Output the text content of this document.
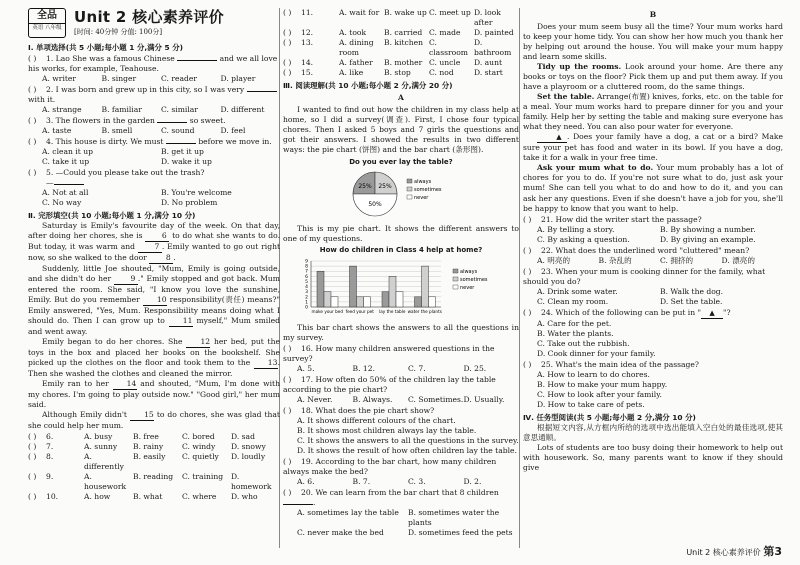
全品
英语 八年级
Unit 2 核心素养评价
[时间: 40分钟 分值: 100分]
Ⅰ. 单项选择(共 5 小题;每小题 1 分,满分 5 分)
( ) 1. Lao She was a famous Chinese	and we all love his works, for example, Teahouse.
A. writer	B. singer	C. reader	D. player
( ) 2. I was born and grew up in this city, so I was very  with it.
A. strange	B. familiar	C. similar	D. different
( ) 3. The flowers in the garden	so sweet.
A. taste	B. smell	C. sound	D. feel
( ) 4. This house is dirty. We must	before we move in.
A. clean it up	B. get it up
C. take it up	D. wake it up
( ) 5. —Could you please take out the trash?
—
A. Not at all	B. You're welcome
C. No way	D. No problem
Ⅱ. 完形填空(共 10 小题;每小题 1 分,满分 10 分)
Saturday is Emily's favourite day of the week. On that day, after doing her chores, she is	6 to do what she wants to do. But today, it was warm and	7 . Emily wanted to go out right now, so she walked to the door	8 .
Suddenly, little Joe shouted, "Mum, Emily is going outside, and she didn't do her	9 ." Emily stopped and got back. Mum entered the room. She said, "I know you love the sunshine, Emily. But do you remember 10 responsibility(责任) means?" Emily answered, "Yes, Mum. Responsibility means doing what I should do. Then I can grow up to 11 myself," Mum smiled and went away.
Emily began to do her chores. She 12 her bed, put the toys in the box and placed her books on the bookshelf. She picked up the clothes on the floor and took them to the 13. Then she washed the clothes and cleaned the mirror.
Emily ran to her 14 and shouted, "Mum, I'm done with my chores. I'm going to play outside now." "Good girl," her mum said.
Although Emily didn't 15 to do chores, she was glad that she could help her mum.
( ) 6.	A. busy	B. free	C. bored	D. sad
( ) 7.	A. sunny	B. rainy	C. windy	D. snowy
( ) 8.	A. differently
B. easily	C. quietly	D. loudly
( ) 9.	A. housework
B. reading	C. training	D. homework
( ) 10.	A. how	B. what	C. where	D. who
( ) 11.	A. wait for B. wake up C. meet up D. look after
( ) 12.	A. took	B. carried C. made	D. painted
( ) 13.	A. dining room
B. kitchen C. classroom
D. bathroom
( ) 14.	A. father	B. mother C. uncle	D. aunt
( ) 15.	A. like	B. stop	C. nod	D. start
Ⅲ. 阅读理解(共 10 小题;每小题 2 分,满分 20 分)
A
I wanted to find out how the children in my class help at home, so I did a survey(调查). First, I chose four typical chores. Then I asked 5 boys and 7 girls the questions and got their answers. I showed the results in two different ways: the pie chart (饼图) and the bar chart (条形图).
Do you ever lay the table?
25% 25%
50%
always
sometimes
never
This is my pie chart. It shows the different answers to one of my questions.
How do children in Class 4 help at home?
0
1
2
3
4
5
6
7
8
9
make your bed feed your pet lay the table water the plants
always
sometimes
never
This bar chart shows the answers to all the questions in my survey.
( ) 16. How many children answered questions in the survey?
A. 5.	B. 12.	C. 7.	D. 25.
( ) 17. How often do 50% of the children lay the table according to the pie chart?
A. Never.	B. Always.	C. Sometimes. D. Usually.
( ) 18. What does the pie chart show?
A. It shows different colours of the chart.
B. It shows most children always lay the table.
C. It shows the answers to all the questions in the survey.
D. It shows the result of how often children lay the table.
( ) 19. According to the bar chart, how many children always make the bed?
A. 6.	B. 7.	C. 3.	D. 2.
( ) 20. We can learn from the bar chart that 8 children .
A. sometimes lay the table	B. sometimes water the plants
C. never make the bed	D. sometimes feed the pets
B
Does your mum seem busy all the time? Your mum works hard to keep your home tidy. You can show her how much you thank her by helping out around the house. You will make your mum happy and learn some skills.
Tidy up the rooms. Look around your home. Are there any books or toys on the floor? Pick them up and put them away. If you have a playroom or a cluttered room, do the same things.
Set the table. Arrange(布置) knives, forks, etc. on the table for a meal. Your mum works hard to prepare dinner for you and your family. Help her by setting the table and making sure everyone has what they need. You can also pour water for everyone.
▲ . Does your family have a dog, a cat or a bird? Make sure your pet has food and water in its bowl. If you have a dog, take it for a walk in your free time.
Ask your mum what to do. Your mum probably has a lot of chores for you to do. If you're not sure what to do, just ask your mum! She can tell you what to do and how to do it, and you can ask her any questions. Even if she doesn't have a job for you, she'll be happy to know that you want to help.
( ) 21. How did the writer start the passage?
A. By telling a story.	B. By showing a number.
C. By asking a question.	D. By giving an example.
( ) 22. What does the underlined word "cluttered" mean?
A. 明亮的	B. 杂乱的	C. 拥挤的	D. 漂亮的
( ) 23. When your mum is cooking dinner for the family, what should you do?
A. Drink some water.	B. Walk the dog.
C. Clean my room.	D. Set the table.
( ) 24. Which of the following can be put in " ▲ "?
A. Care for the pet.
B. Water the plants.
C. Take out the rubbish.
D. Cook dinner for your family.
( ) 25. What's the main idea of the passage?
A. How to learn to do chores.
B. How to make your mum happy.
C. How to look after your family.
D. How to take care of pets.
Ⅳ. 任务型阅读(共 5 小题;每小题 2 分,满分 10 分)
根据短文内容,从方框内所给的选项中选出能填入空白处的最佳选项,使其意思通顺。
Lots of students are too busy doing their homework to help out with housework. So, many parents want to know if they should give
Unit 2 核心素养评价 第3
